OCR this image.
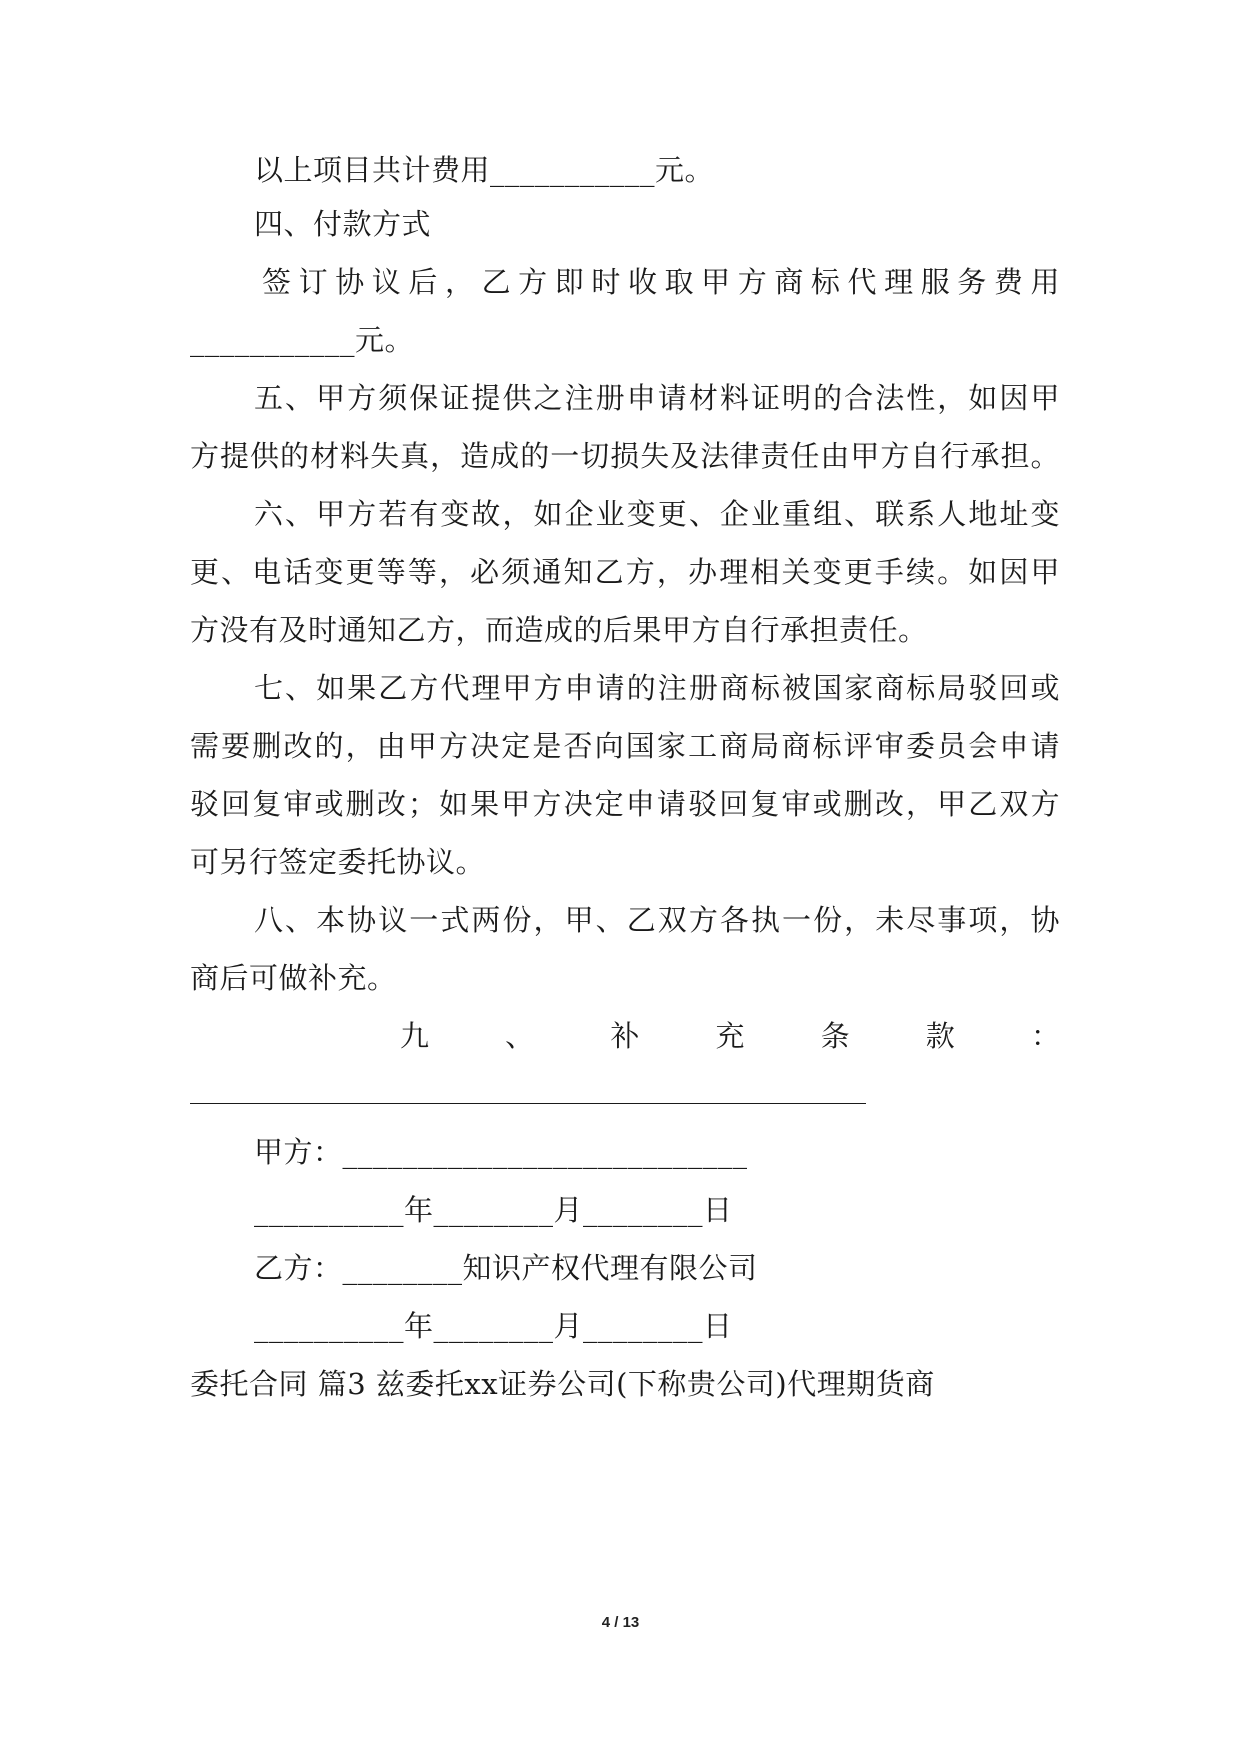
以上项目共计费用___________元。
四、付款方式
签订协议后，乙方即时收取甲方商标代理服务费用
___________元。
五、甲方须保证提供之注册申请材料证明的合法性，如因甲
方提供的材料失真，造成的一切损失及法律责任由甲方自行承担。
六、甲方若有变故，如企业变更、企业重组、联系人地址变
更、电话变更等等，必须通知乙方，办理相关变更手续。如因甲
方没有及时通知乙方，而造成的后果甲方自行承担责任。
七、如果乙方代理甲方申请的注册商标被国家商标局驳回或
需要删改的，由甲方决定是否向国家工商局商标评审委员会申请
驳回复审或删改；如果甲方决定申请驳回复审或删改，甲乙双方
可另行签定委托协议。
八、本协议一式两份，甲、乙双方各执一份，未尽事项，协
商后可做补充。
九	、	补	充	条	款	：
甲方：___________________________
__________年________月________日
乙方：________知识产权代理有限公司
__________年________月________日
委托合同 篇3 兹委托xx证券公司(下称贵公司)代理期货商
4 / 13
